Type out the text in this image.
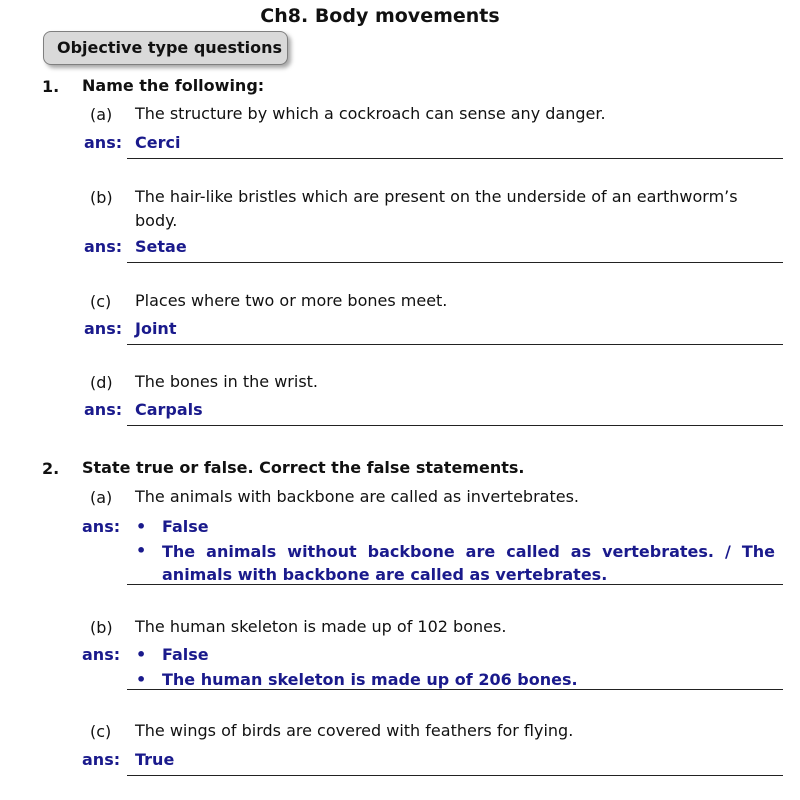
Ch8. Body movements
Objective type questions
1. Name the following:
(a) The structure by which a cockroach can sense any danger.
ans: Cerci
(b) The hair-like bristles which are present on the underside of an earthworm’s body.
ans: Setae
(c) Places where two or more bones meet.
ans: Joint
(d) The bones in the wrist.
ans: Carpals
2. State true or false. Correct the false statements.
(a) The animals with backbone are called as invertebrates.
ans: • False
• The animals without backbone are called as vertebrates. / The animals with backbone are called as vertebrates.
(b) The human skeleton is made up of 102 bones.
ans: • False
• The human skeleton is made up of 206 bones.
(c) The wings of birds are covered with feathers for flying.
ans: True
